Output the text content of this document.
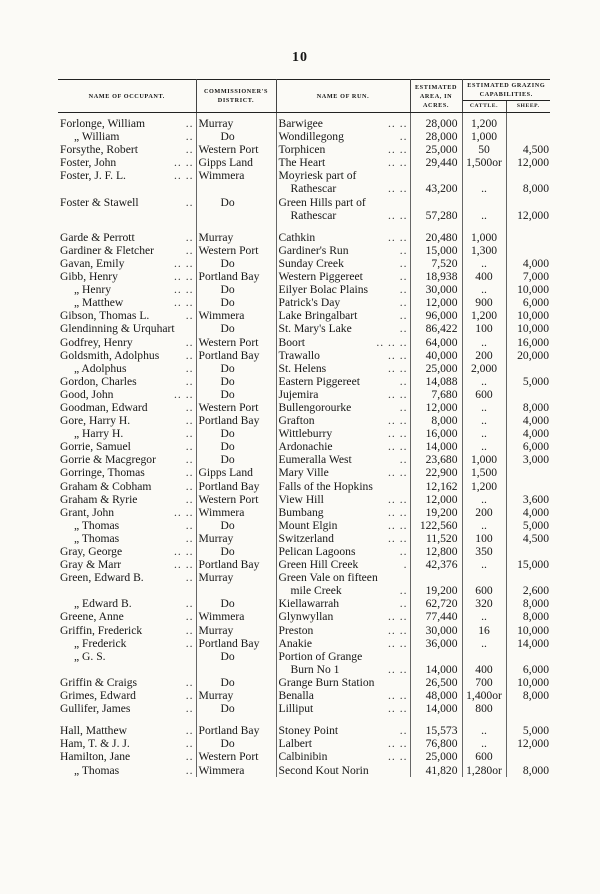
10
NAME OF OCCUPANT.	COMMISSIONER'S DISTRICT.	NAME OF RUN.	ESTIMATED AREA, IN ACRES.	ESTIMATED GRAZING CAPABILITIES.	
				CATTLE.	SHEEP.

Forlonge, William ..	Murray	Barwigee .. ..	28,000	1,200	

„ William ..	Do	Wondillegong ..	28,000	1,000	

Forsythe, Robert ..	Western Port	Torphicen .. ..	25,000	50	4,500

Foster, John .. ..	Gipps Land	The Heart .. ..	29,440	1,500or	12,000

Foster, J. F. L. .. ..	Wimmera	Moyriesk part of			

		Rathescar .. ..	43,200	..	8,000

Foster & Stawell ..	Do	Green Hills part of			

		Rathescar .. ..	57,280	..	12,000

Garde & Perrott ..	Murray	Cathkin .. ..	20,480	1,000	

Gardiner & Fletcher ..	Western Port	Gardiner's Run ..	15,000	1,300	

Gavan, Emily .. ..	Do	Sunday Creek ..	7,520	..	4,000

Gibb, Henry .. ..	Portland Bay	Western Piggereet ..	18,938	400	7,000

„ Henry .. ..	Do	Eilyer Bolac Plains ..	30,000	..	10,000

„ Matthew .. ..	Do	Patrick's Day ..	12,000	900	6,000

Gibson, Thomas L. ..	Wimmera	Lake Bringalbart ..	96,000	1,200	10,000

Glendinning & Urquhart	Do	St. Mary's Lake ..	86,422	100	10,000

Godfrey, Henry ..	Western Port	Boort .. .. ..	64,000	..	16,000

Goldsmith, Adolphus ..	Portland Bay	Trawallo .. ..	40,000	200	20,000

„ Adolphus ..	Do	St. Helens .. ..	25,000	2,000	

Gordon, Charles ..	Do	Eastern Piggereet ..	14,088	..	5,000

Good, John .. ..	Do	Jujemira .. ..	7,680	600	

Goodman, Edward ..	Western Port	Bullengorourke ..	12,000	..	8,000

Gore, Harry H. ..	Portland Bay	Grafton .. ..	8,000	..	4,000

„ Harry H. ..	Do	Wittleburry .. ..	16,000	..	4,000

Gorrie, Samuel ..	Do	Ardonachie .. ..	14,000	..	6,000

Gorrie & Macgregor ..	Do	Eumeralla West ..	23,680	1,000	3,000

Gorringe, Thomas ..	Gipps Land	Mary Ville .. ..	22,900	1,500	

Graham & Cobham ..	Portland Bay	Falls of the Hopkins	12,162	1,200	

Graham & Ryrie ..	Western Port	View Hill .. ..	12,000	..	3,600

Grant, John .. ..	Wimmera	Bumbang .. ..	19,200	200	4,000

„ Thomas ..	Do	Mount Elgin .. ..	122,560	..	5,000

„ Thomas ..	Murray	Switzerland .. ..	11,520	100	4,500

Gray, George .. ..	Do	Pelican Lagoons ..	12,800	350	

Gray & Marr .. ..	Portland Bay	Green Hill Creek .	42,376	..	15,000

Green, Edward B. ..	Murray	Green Vale on fifteen			

		mile Creek ..	19,200	600	2,600

„ Edward B. ..	Do	Kiellawarrah ..	62,720	320	8,000

Greene, Anne ..	Wimmera	Glynwyllan .. ..	77,440	..	8,000

Griffin, Frederick ..	Murray	Preston .. ..	30,000	16	10,000

„ Frederick ..	Portland Bay	Anakie .. ..	36,000	..	14,000

„ G. S.	Do	Portion of Grange			

		Burn No 1 .. ..	14,000	400	6,000

Griffin & Craigs ..	Do	Grange Burn Station	26,500	700	10,000

Grimes, Edward ..	Murray	Benalla .. ..	48,000	1,400or	8,000

Gullifer, James ..	Do	Lilliput .. ..	14,000	800	

Hall, Matthew ..	Portland Bay	Stoney Point ..	15,573	..	5,000

Ham, T. & J. J. ..	Do	Lalbert .. ..	76,800	..	12,000

Hamilton, Jane ..	Western Port	Calbinibin .. ..	25,000	600	

„ Thomas ..	Wimmera	Second Kout Norin	41,820	1,280or	8,000
